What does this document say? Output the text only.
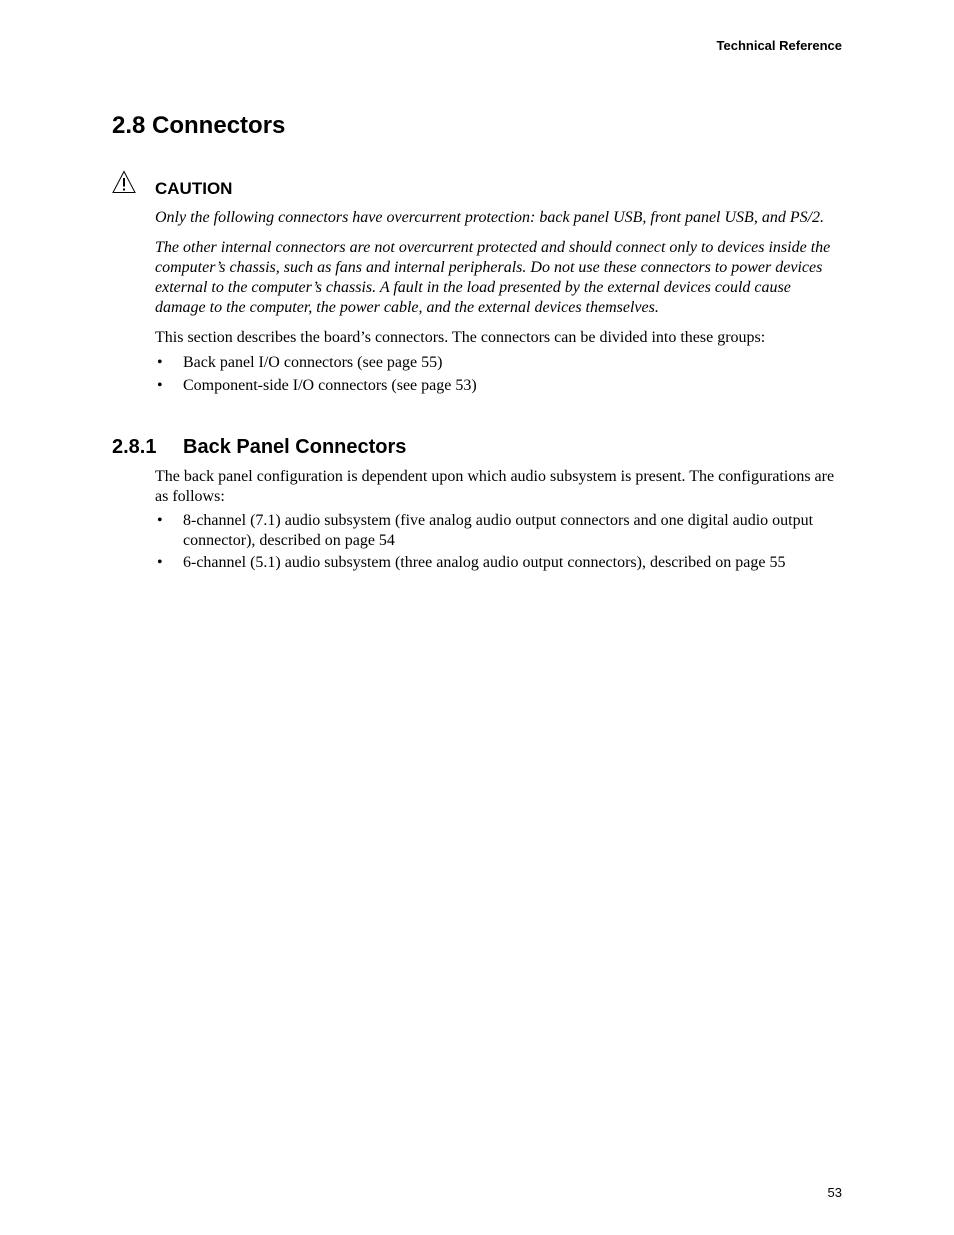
Technical Reference
2.8 Connectors
CAUTION

Only the following connectors have overcurrent protection: back panel USB, front panel USB, and PS/2.

The other internal connectors are not overcurrent protected and should connect only to devices inside the computer’s chassis, such as fans and internal peripherals. Do not use these connectors to power devices external to the computer’s chassis. A fault in the load presented by the external devices could cause damage to the computer, the power cable, and the external devices themselves.

This section describes the board’s connectors. The connectors can be divided into these groups:

• Back panel I/O connectors (see page 55)
• Component-side I/O connectors (see page 53)
2.8.1 Back Panel Connectors

The back panel configuration is dependent upon which audio subsystem is present. The configurations are as follows:

• 8-channel (7.1) audio subsystem (five analog audio output connectors and one digital audio output connector), described on page 54
• 6-channel (5.1) audio subsystem (three analog audio output connectors), described on page 55
53
